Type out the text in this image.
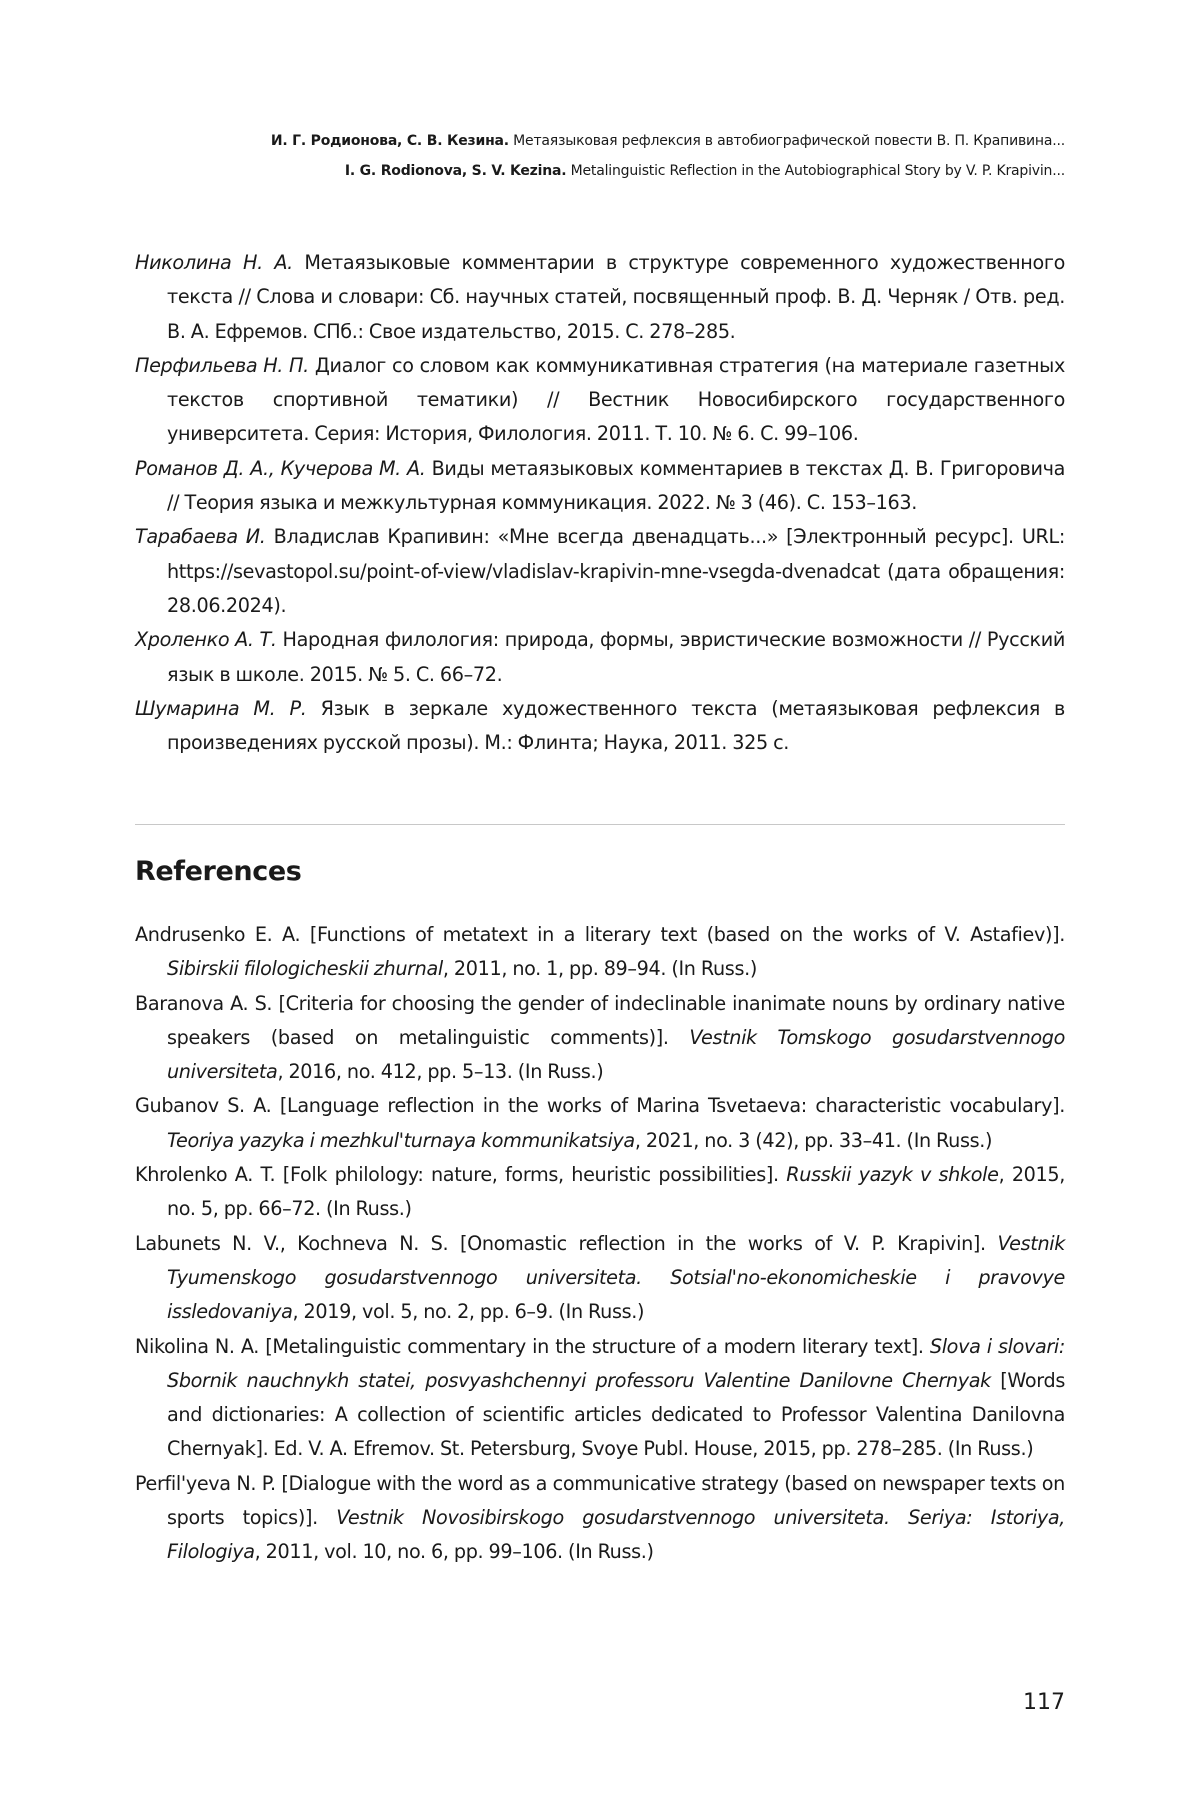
И. Г. Родионова, С. В. Кезина. Метаязыковая рефлексия в автобиографической повести В. П. Крапивина...
I. G. Rodionova, S. V. Kezina. Metalinguistic Reflection in the Autobiographical Story by V. P. Krapivin...

Николина Н. А. Метаязыковые комментарии в структуре современного художественного текста // Слова и словари: Сб. научных статей, посвященный проф. В. Д. Черняк / Отв. ред. В. А. Ефремов. СПб.: Свое издательство, 2015. С. 278–285.

Перфильева Н. П. Диалог со словом как коммуникативная стратегия (на материале газетных текстов спортивной тематики) // Вестник Новосибирского государственного университета. Серия: История, Филология. 2011. Т. 10. № 6. С. 99–106.

Романов Д. А., Кучерова М. А. Виды метаязыковых комментариев в текстах Д. В. Григоровича // Теория языка и межкультурная коммуникация. 2022. № 3 (46). С. 153–163.

Тарабаева И. Владислав Крапивин: «Мне всегда двенадцать...» [Электронный ресурс]. URL: https://sevastopol.su/point-of-view/vladislav-krapivin-mne-vsegda-dvenadcat (дата обращения: 28.06.2024).

Хроленко А. Т. Народная филология: природа, формы, эвристические возможности // Русский язык в школе. 2015. № 5. С. 66–72.

Шумарина М. Р. Язык в зеркале художественного текста (метаязыковая рефлексия в произведениях русской прозы). М.: Флинта; Наука, 2011. 325 с.

References

Andrusenko E. A. [Functions of metatext in a literary text (based on the works of V. Astafiev)]. Sibirskii filologicheskii zhurnal, 2011, no. 1, pp. 89–94. (In Russ.)

Baranova A. S. [Criteria for choosing the gender of indeclinable inanimate nouns by ordinary native speakers (based on metalinguistic comments)]. Vestnik Tomskogo gosudarstvennogo universiteta, 2016, no. 412, pp. 5–13. (In Russ.)

Gubanov S. A. [Language reflection in the works of Marina Tsvetaeva: characteristic vocabulary]. Teoriya yazyka i mezhkul'turnaya kommunikatsiya, 2021, no. 3 (42), pp. 33–41. (In Russ.)

Khrolenko A. T. [Folk philology: nature, forms, heuristic possibilities]. Russkii yazyk v shkole, 2015, no. 5, pp. 66–72. (In Russ.)

Labunets N. V., Kochneva N. S. [Onomastic reflection in the works of V. P. Krapivin]. Vestnik Tyumenskogo gosudarstvennogo universiteta. Sotsial'no-ekonomicheskie i pravovye issledovaniya, 2019, vol. 5, no. 2, pp. 6–9. (In Russ.)

Nikolina N. A. [Metalinguistic commentary in the structure of a modern literary text]. Slova i slovari: Sbornik nauchnykh statei, posvyashchennyi professoru Valentine Danilovne Chernyak [Words and dictionaries: A collection of scientific articles dedicated to Professor Valentina Danilovna Chernyak]. Ed. V. A. Efremov. St. Petersburg, Svoye Publ. House, 2015, pp. 278–285. (In Russ.)

Perfil'yeva N. P. [Dialogue with the word as a communicative strategy (based on newspaper texts on sports topics)]. Vestnik Novosibirskogo gosudarstvennogo universiteta. Seriya: Istoriya, Filologiya, 2011, vol. 10, no. 6, pp. 99–106. (In Russ.)

117
